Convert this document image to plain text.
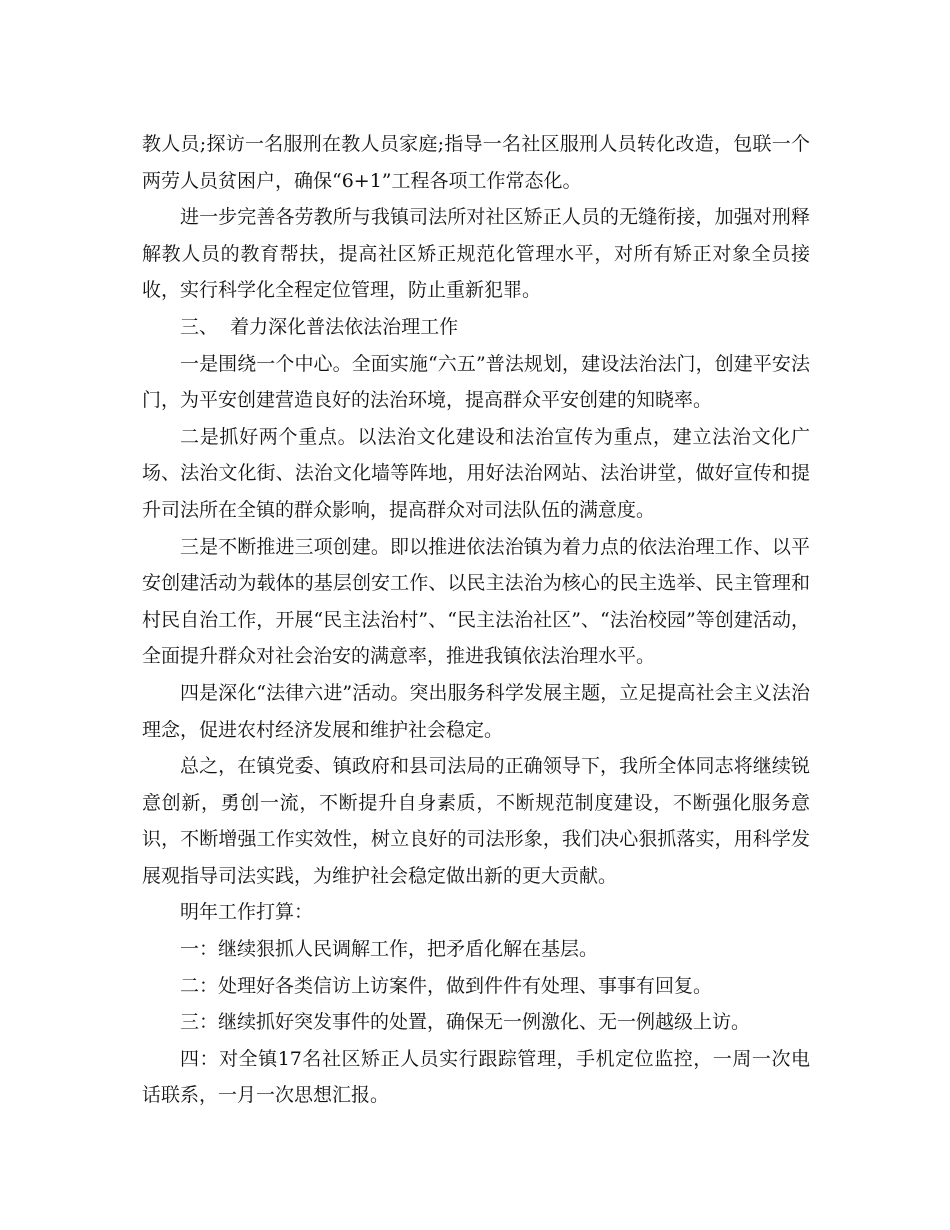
教人员;探访一名服刑在教人员家庭;指导一名社区服刑人员转化改造，包联一个两劳人员贫困户，确保“6+1”工程各项工作常态化。

进一步完善各劳教所与我镇司法所对社区矫正人员的无缝衔接，加强对刑释解教人员的教育帮扶，提高社区矫正规范化管理水平，对所有矫正对象全员接收，实行科学化全程定位管理，防止重新犯罪。

三、  着力深化普法依法治理工作

一是围绕一个中心。全面实施“六五”普法规划，建设法治法门，创建平安法门，为平安创建营造良好的法治环境，提高群众平安创建的知晓率。

二是抓好两个重点。以法治文化建设和法治宣传为重点，建立法治文化广场、法治文化街、法治文化墙等阵地，用好法治网站、法治讲堂，做好宣传和提升司法所在全镇的群众影响，提高群众对司法队伍的满意度。

三是不断推进三项创建。即以推进依法治镇为着力点的依法治理工作、以平安创建活动为载体的基层创安工作、以民主法治为核心的民主选举、民主管理和村民自治工作，开展“民主法治村”、“民主法治社区”、“法治校园”等创建活动，全面提升群众对社会治安的满意率，推进我镇依法治理水平。

四是深化“法律六进”活动。突出服务科学发展主题，立足提高社会主义法治理念，促进农村经济发展和维护社会稳定。

总之，在镇党委、镇政府和县司法局的正确领导下，我所全体同志将继续锐意创新，勇创一流，不断提升自身素质，不断规范制度建设，不断强化服务意识，不断增强工作实效性，树立良好的司法形象，我们决心狠抓落实，用科学发展观指导司法实践，为维护社会稳定做出新的更大贡献。

明年工作打算：

一：继续狠抓人民调解工作，把矛盾化解在基层。

二：处理好各类信访上访案件，做到件件有处理、事事有回复。

三：继续抓好突发事件的处置，确保无一例激化、无一例越级上访。

四：对全镇17名社区矫正人员实行跟踪管理，手机定位监控，一周一次电话联系，一月一次思想汇报。
